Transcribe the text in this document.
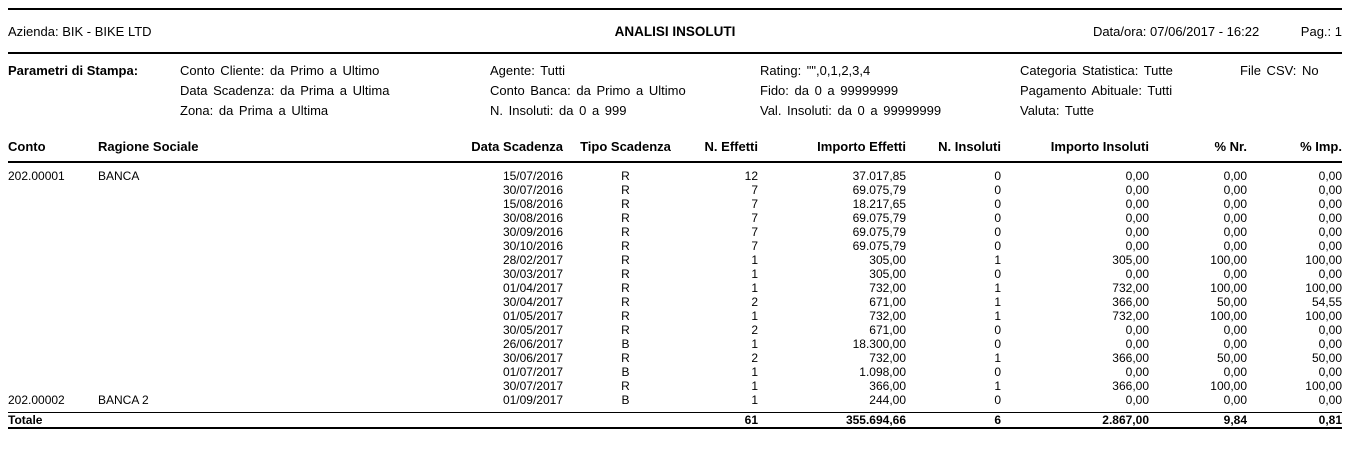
Azienda: BIK - BIKE LTD	ANALISI INSOLUTI	Data/ora: 07/06/2017 - 16:22	Pag.: 1
Parametri di Stampa:	Conto Cliente: da Primo a Ultimo
Data Scadenza: da Prima a Ultima
Zona: da Prima a Ultima
Agente: Tutti
Conto Banca: da Primo a Ultimo
N. Insoluti: da 0 a 999
Rating: "",0,1,2,3,4
Fido: da 0 a 99999999
Val. Insoluti: da 0 a 99999999
Categoria Statistica: Tutte
Pagamento Abituale: Tutti
Valuta: Tutte
File CSV: No
Conto	Ragione Sociale	Data Scadenza	Tipo Scadenza	N. Effetti	Importo Effetti	N. Insoluti	Importo Insoluti	% Nr.	% Imp.
202.00001	BANCA	15/07/2016	R	12	37.017,85	0	0,00	0,00	0,00
		30/07/2016	R	7	69.075,79	0	0,00	0,00	0,00
		15/08/2016	R	7	18.217,65	0	0,00	0,00	0,00
		30/08/2016	R	7	69.075,79	0	0,00	0,00	0,00
		30/09/2016	R	7	69.075,79	0	0,00	0,00	0,00
		30/10/2016	R	7	69.075,79	0	0,00	0,00	0,00
		28/02/2017	R	1	305,00	1	305,00	100,00	100,00
		30/03/2017	R	1	305,00	0	0,00	0,00	0,00
		01/04/2017	R	1	732,00	1	732,00	100,00	100,00
		30/04/2017	R	2	671,00	1	366,00	50,00	54,55
		01/05/2017	R	1	732,00	1	732,00	100,00	100,00
		30/05/2017	R	2	671,00	0	0,00	0,00	0,00
		26/06/2017	B	1	18.300,00	0	0,00	0,00	0,00
		30/06/2017	R	2	732,00	1	366,00	50,00	50,00
		01/07/2017	B	1	1.098,00	0	0,00	0,00	0,00
		30/07/2017	R	1	366,00	1	366,00	100,00	100,00
202.00002	BANCA 2	01/09/2017	B	1	244,00	0	0,00	0,00	0,00
Totale				61	355.694,66	6	2.867,00	9,84	0,81
